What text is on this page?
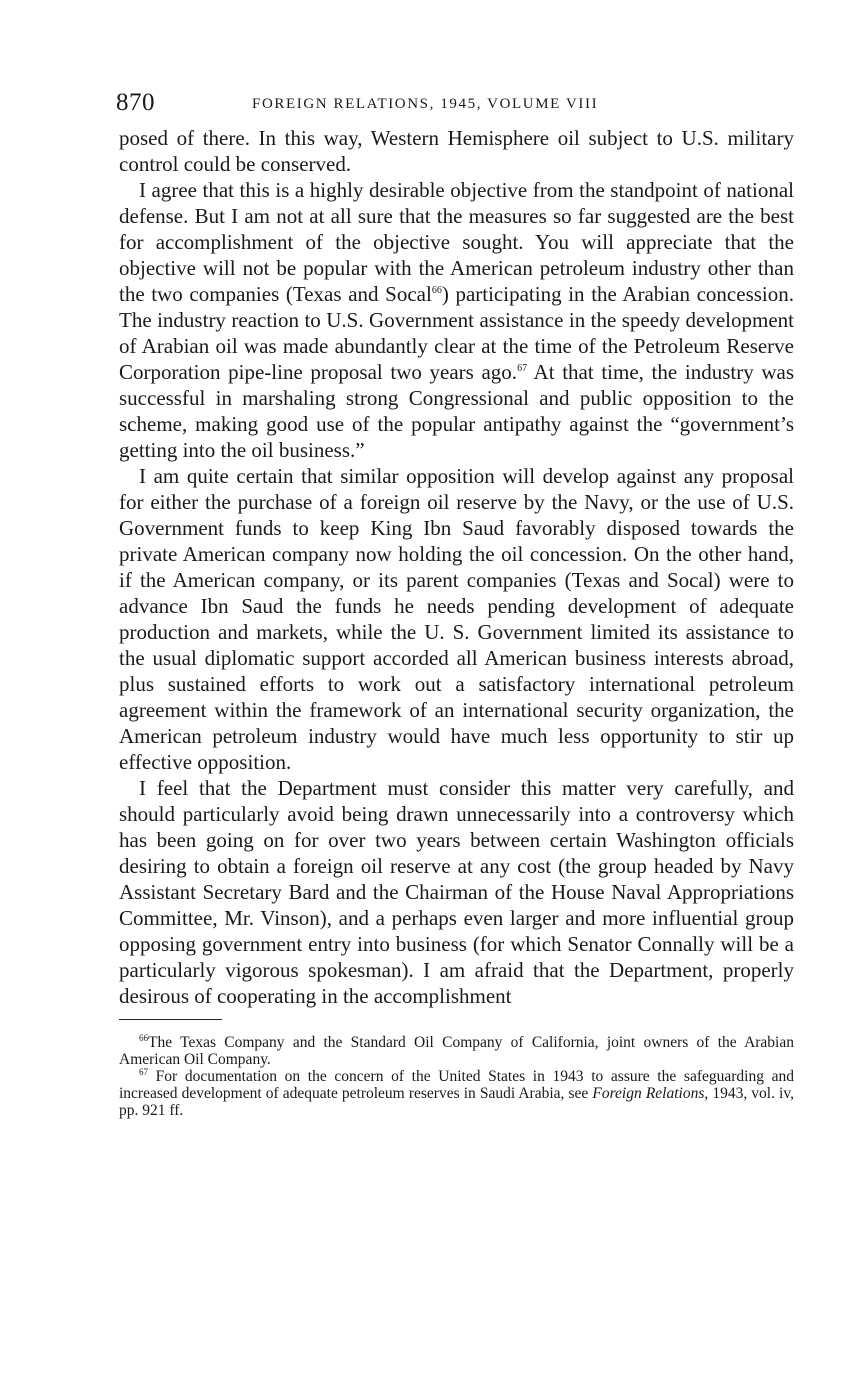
870	FOREIGN RELATIONS, 1945, VOLUME VIII

posed of there. In this way, Western Hemisphere oil subject to U.S. military control could be conserved.

I agree that this is a highly desirable objective from the standpoint of national defense. But I am not at all sure that the measures so far suggested are the best for accomplishment of the objective sought. You will appreciate that the objective will not be popular with the American petroleum industry other than the two companies (Texas and Socal$^{66}$) participating in the Arabian concession. The industry reaction to U.S. Government assistance in the speedy development of Arabian oil was made abundantly clear at the time of the Petroleum Reserve Corporation pipe-line proposal two years ago.$^{67}$ At that time, the industry was successful in marshaling strong Congressional and public opposition to the scheme, making good use of the popular antipathy against the “government’s getting into the oil business.”

I am quite certain that similar opposition will develop against any proposal for either the purchase of a foreign oil reserve by the Navy, or the use of U.S. Government funds to keep King Ibn Saud favorably disposed towards the private American company now holding the oil concession. On the other hand, if the American company, or its parent companies (Texas and Socal) were to advance Ibn Saud the funds he needs pending development of adequate production and markets, while the U. S. Government limited its assistance to the usual diplomatic support accorded all American business interests abroad, plus sustained efforts to work out a satisfactory international petroleum agreement within the framework of an international security organization, the American petroleum industry would have much less opportunity to stir up effective opposition.

I feel that the Department must consider this matter very carefully, and should particularly avoid being drawn unnecessarily into a controversy which has been going on for over two years between certain Washington officials desiring to obtain a foreign oil reserve at any cost (the group headed by Navy Assistant Secretary Bard and the Chairman of the House Naval Appropriations Committee, Mr. Vinson), and a perhaps even larger and more influential group opposing government entry into business (for which Senator Connally will be a particularly vigorous spokesman). I am afraid that the Department, properly desirous of cooperating in the accomplishment

$^{66}$The Texas Company and the Standard Oil Company of California, joint owners of the Arabian American Oil Company.

$^{67}$ For documentation on the concern of the United States in 1943 to assure the safeguarding and increased development of adequate petroleum reserves in Saudi Arabia, see Foreign Relations, 1943, vol. iv, pp. 921 ff.
